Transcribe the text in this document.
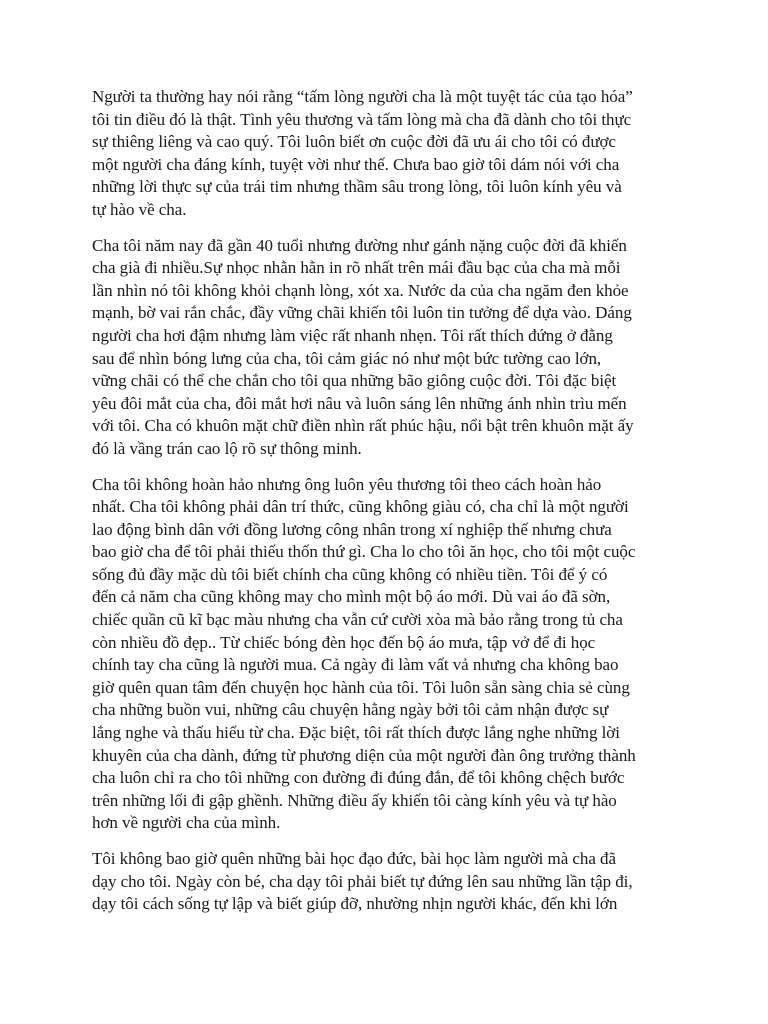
Người ta thường hay nói rằng “tấm lòng người cha là một tuyệt tác của tạo hóa”
tôi tin điều đó là thật. Tình yêu thương và tấm lòng mà cha đã dành cho tôi thực
sự thiêng liêng và cao quý. Tôi luôn biết ơn cuộc đời đã ưu ái cho tôi có được
một người cha đáng kính, tuyệt vời như thế. Chưa bao giờ tôi dám nói với cha
những lời thực sự của trái tim nhưng thầm sâu trong lòng, tôi luôn kính yêu và
tự hào về cha.

Cha tôi năm nay đã gần 40 tuổi nhưng đường như gánh nặng cuộc đời đã khiến
cha già đi nhiều.Sự nhọc nhằn hằn in rõ nhất trên mái đầu bạc của cha mà mỗi
lần nhìn nó tôi không khỏi chạnh lòng, xót xa. Nước da của cha ngăm đen khỏe
mạnh, bờ vai rắn chắc, đầy vững chãi khiến tôi luôn tin tưởng để dựa vào. Dáng
người cha hơi đậm nhưng làm việc rất nhanh nhẹn. Tôi rất thích đứng ở đằng
sau để nhìn bóng lưng của cha, tôi cảm giác nó như một bức tường cao lớn,
vững chãi có thể che chắn cho tôi qua những bão giông cuộc đời. Tôi đặc biệt
yêu đôi mắt của cha, đôi mắt hơi nâu và luôn sáng lên những ánh nhìn trìu mến
với tôi. Cha có khuôn mặt chữ điền nhìn rất phúc hậu, nổi bật trên khuôn mặt ấy
đó là vầng trán cao lộ rõ sự thông minh.

Cha tôi không hoàn hảo nhưng ông luôn yêu thương tôi theo cách hoàn hảo
nhất. Cha tôi không phải dân trí thức, cũng không giàu có, cha chỉ là một người
lao động bình dân với đồng lương công nhân trong xí nghiệp thế nhưng chưa
bao giờ cha để tôi phải thiếu thốn thứ gì. Cha lo cho tôi ăn học, cho tôi một cuộc
sống đủ đầy mặc dù tôi biết chính cha cũng không có nhiều tiền. Tôi để ý có
đến cả năm cha cũng không may cho mình một bộ áo mới. Dù vai áo đã sờn,
chiếc quần cũ kĩ bạc màu nhưng cha vẫn cứ cười xòa mà bảo rằng trong tủ cha
còn nhiều đồ đẹp.. Từ chiếc bóng đèn học đến bộ áo mưa, tập vở để đi học
chính tay cha cũng là người mua. Cả ngày đi làm vất vả nhưng cha không bao
giờ quên quan tâm đến chuyện học hành của tôi. Tôi luôn sẵn sàng chia sẻ cùng
cha những buồn vui, những câu chuyện hằng ngày bởi tôi cảm nhận được sự
lắng nghe và thấu hiểu từ cha. Đặc biệt, tôi rất thích được lắng nghe những lời
khuyên của cha dành, đứng từ phương diện của một người đàn ông trưởng thành
cha luôn chỉ ra cho tôi những con đường đi đúng đắn, để tôi không chệch bước
trên những lối đi gập ghềnh. Những điều ấy khiến tôi càng kính yêu và tự hào
hơn về người cha của mình.

Tôi không bao giờ quên những bài học đạo đức, bài học làm người mà cha đã
dạy cho tôi. Ngày còn bé, cha dạy tôi phải biết tự đứng lên sau những lần tập đi,
dạy tôi cách sống tự lập và biết giúp đỡ, nhường nhịn người khác, đến khi lớn
